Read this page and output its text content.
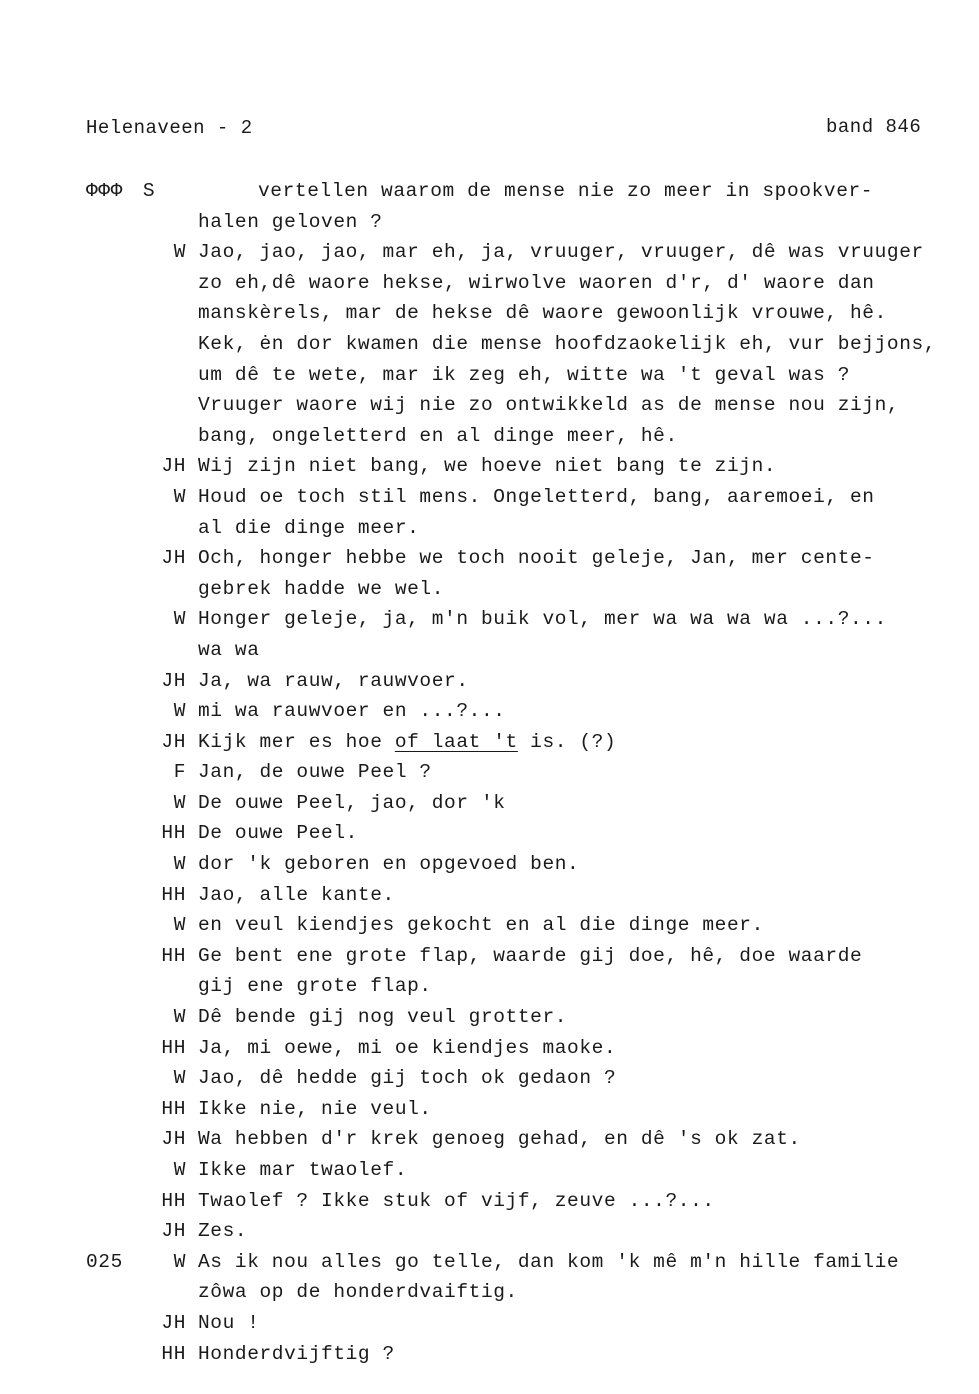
Helenaveen - 2	band 846
ΦΦΦ	S	vertellen waarom de mense nie zo meer in spookver-
halen geloven ?
W Jao, jao, jao, mar eh, ja, vruuger, vruuger, dê was vruuger
zo eh,dê waore hekse, wirwolve waoren d'r, d' waore dan
manskèrels, mar de hekse dê waore gewoonlijk vrouwe, hê.
Kek, ėn dor kwamen die mense hoofdzaokelijk eh, vur bejjons,
um dê te wete, mar ik zeg eh, witte wa 't geval was ?
Vruuger waore wij nie zo ontwikkeld as de mense nou zijn,
bang, ongeletterd en al dinge meer, hê.
JH Wij zijn niet bang, we hoeve niet bang te zijn.
W Houd oe toch stil mens. Ongeletterd, bang, aaremoei, en
al die dinge meer.
JH Och, honger hebbe we toch nooit geleje, Jan, mer cente-
gebrek hadde we wel.
W Honger geleje, ja, m'n buik vol, mer wa wa wa wa ...?...
wa wa
JH Ja, wa rauw, rauwvoer.
W mi wa rauwvoer en ...?...
JH Kijk mer es hoe of laat 't is. (?)
F Jan, de ouwe Peel ?
W De ouwe Peel, jao, dor 'k
HH De ouwe Peel.
W dor 'k geboren en opgevoed ben.
HH Jao, alle kante.
W en veul kiendjes gekocht en al die dinge meer.
HH Ge bent ene grote flap, waarde gij doe, hê, doe waarde
gij ene grote flap.
W Dê bende gij nog veul grotter.
HH Ja, mi oewe, mi oe kiendjes maoke.
W Jao, dê hedde gij toch ok gedaon ?
HH Ikke nie, nie veul.
JH Wa hebben d'r krek genoeg gehad, en dê 's ok zat.
W Ikke mar twaolef.
HH Twaolef ? Ikke stuk of vijf, zeuve ...?...
JH Zes.
025	W As ik nou alles go telle, dan kom 'k mê m'n hille familie
zôwa op de honderdvaiftig.
JH Nou !
HH Honderdvijftig ?
